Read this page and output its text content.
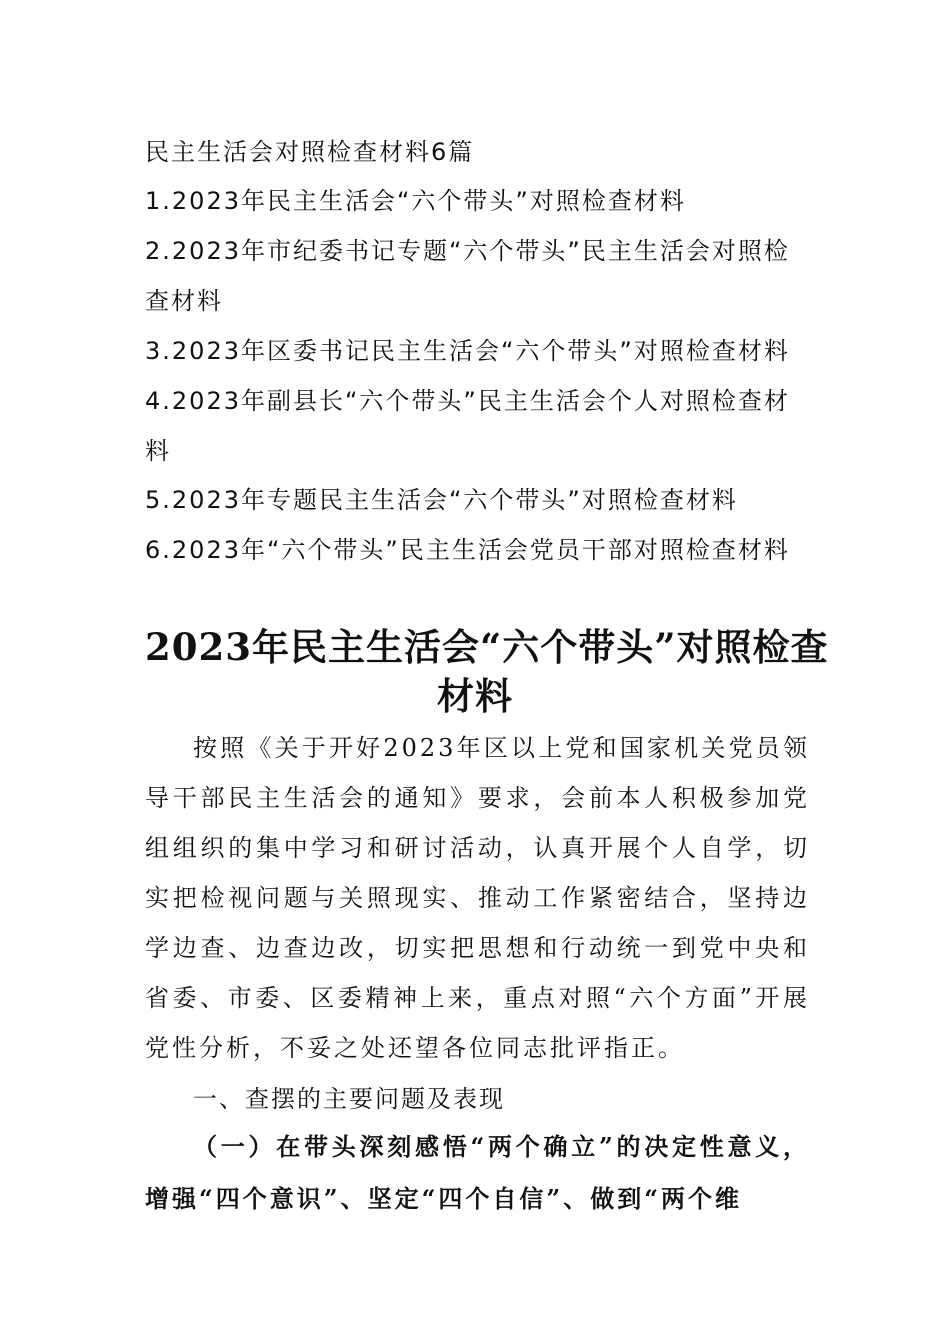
民主生活会对照检查材料6篇

1.2023年民主生活会“六个带头”对照检查材料

2.2023年市纪委书记专题“六个带头”民主生活会对照检

查材料

3.2023年区委书记民主生活会“六个带头”对照检查材料

4.2023年副县长“六个带头”民主生活会个人对照检查材

料

5.2023年专题民主生活会“六个带头”对照检查材料

6.2023年“六个带头”民主生活会党员干部对照检查材料

2023年民主生活会“六个带头”对照检查
材料

按照《关于开好2023年区以上党和国家机关党员领导干部民主生活会的通知》要求，会前本人积极参加党组组织的集中学习和研讨活动，认真开展个人自学，切实把检视问题与关照现实、推动工作紧密结合，坚持边学边查、边查边改，切实把思想和行动统一到党中央和省委、市委、区委精神上来，重点对照“六个方面”开展党性分析，不妥之处还望各位同志批评指正。

一、查摆的主要问题及表现

（一）在带头深刻感悟“两个确立”的决定性意义，增强“四个意识”、坚定“四个自信”、做到“两个维
